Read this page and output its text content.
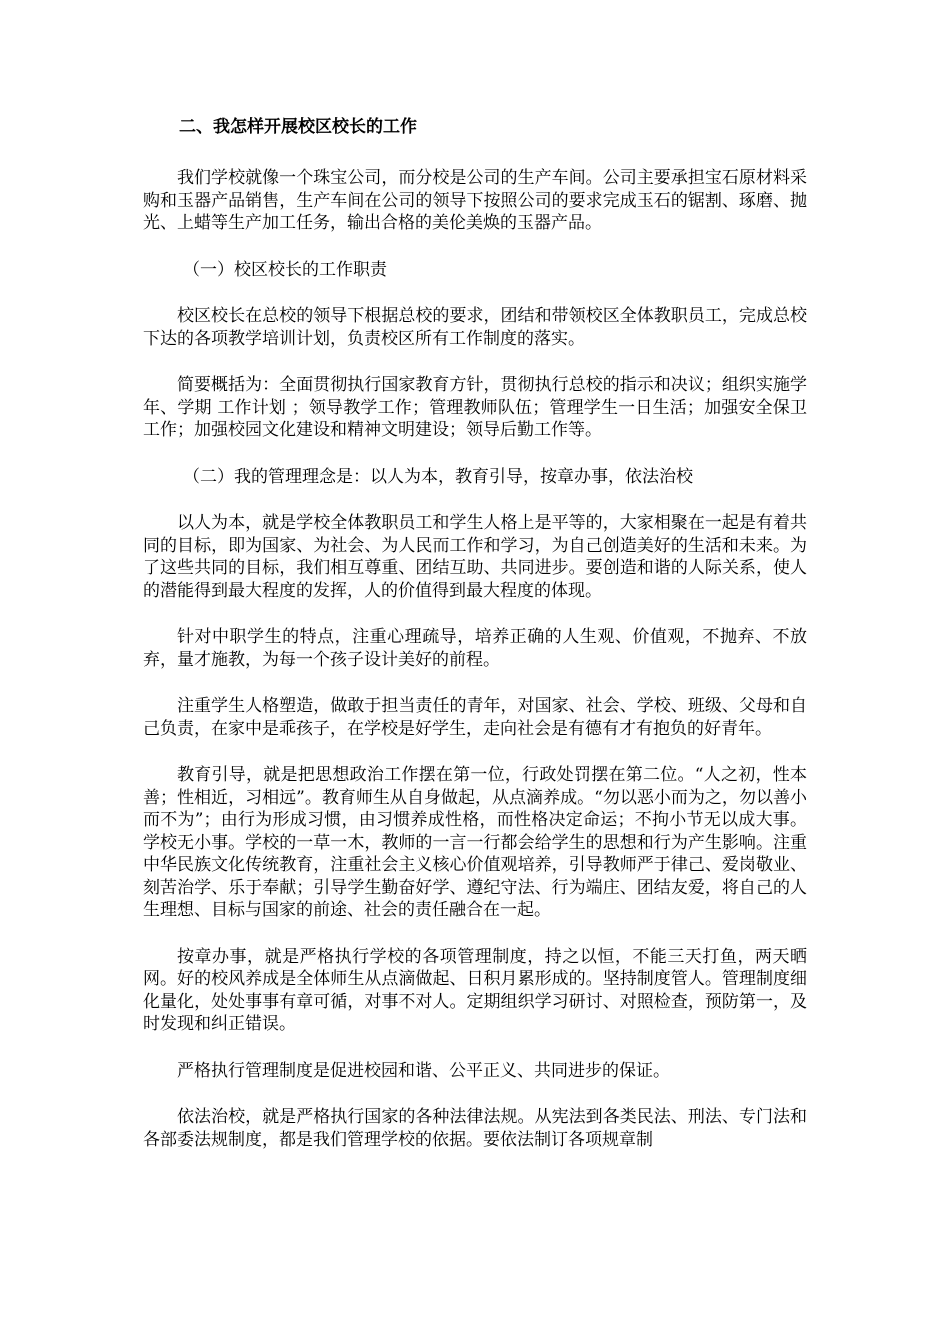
二、我怎样开展校区校长的工作

我们学校就像一个珠宝公司，而分校是公司的生产车间。公司主要承担宝石原材料采购和玉器产品销售，生产车间在公司的领导下按照公司的要求完成玉石的锯割、琢磨、抛光、上蜡等生产加工任务，输出合格的美伦美焕的玉器产品。

（一）校区校长的工作职责

校区校长在总校的领导下根据总校的要求，团结和带领校区全体教职员工，完成总校下达的各项教学培训计划，负责校区所有工作制度的落实。

简要概括为：全面贯彻执行国家教育方针，贯彻执行总校的指示和决议；组织实施学年、学期 工作计划 ；领导教学工作；管理教师队伍；管理学生一日生活；加强安全保卫工作；加强校园文化建设和精神文明建设；领导后勤工作等。

（二）我的管理理念是：以人为本，教育引导，按章办事，依法治校

以人为本，就是学校全体教职员工和学生人格上是平等的，大家相聚在一起是有着共同的目标，即为国家、为社会、为人民而工作和学习，为自己创造美好的生活和未来。为了这些共同的目标，我们相互尊重、团结互助、共同进步。要创造和谐的人际关系，使人的潜能得到最大程度的发挥，人的价值得到最大程度的体现。

针对中职学生的特点，注重心理疏导，培养正确的人生观、价值观，不抛弃、不放弃，量才施教，为每一个孩子设计美好的前程。

注重学生人格塑造，做敢于担当责任的青年，对国家、社会、学校、班级、父母和自己负责，在家中是乖孩子，在学校是好学生，走向社会是有德有才有抱负的好青年。

教育引导，就是把思想政治工作摆在第一位，行政处罚摆在第二位。“人之初，性本善；性相近，习相远”。教育师生从自身做起，从点滴养成。“勿以恶小而为之，勿以善小而不为”；由行为形成习惯，由习惯养成性格，而性格决定命运；不拘小节无以成大事。学校无小事。学校的一草一木，教师的一言一行都会给学生的思想和行为产生影响。注重中华民族文化传统教育，注重社会主义核心价值观培养，引导教师严于律己、爱岗敬业、刻苦治学、乐于奉献；引导学生勤奋好学、遵纪守法、行为端庄、团结友爱，将自己的人生理想、目标与国家的前途、社会的责任融合在一起。

按章办事，就是严格执行学校的各项管理制度，持之以恒，不能三天打鱼，两天晒网。好的校风养成是全体师生从点滴做起、日积月累形成的。坚持制度管人。管理制度细化量化，处处事事有章可循，对事不对人。定期组织学习研讨、对照检查，预防第一，及时发现和纠正错误。

严格执行管理制度是促进校园和谐、公平正义、共同进步的保证。

依法治校，就是严格执行国家的各种法律法规。从宪法到各类民法、刑法、专门法和各部委法规制度，都是我们管理学校的依据。要依法制订各项规章制
